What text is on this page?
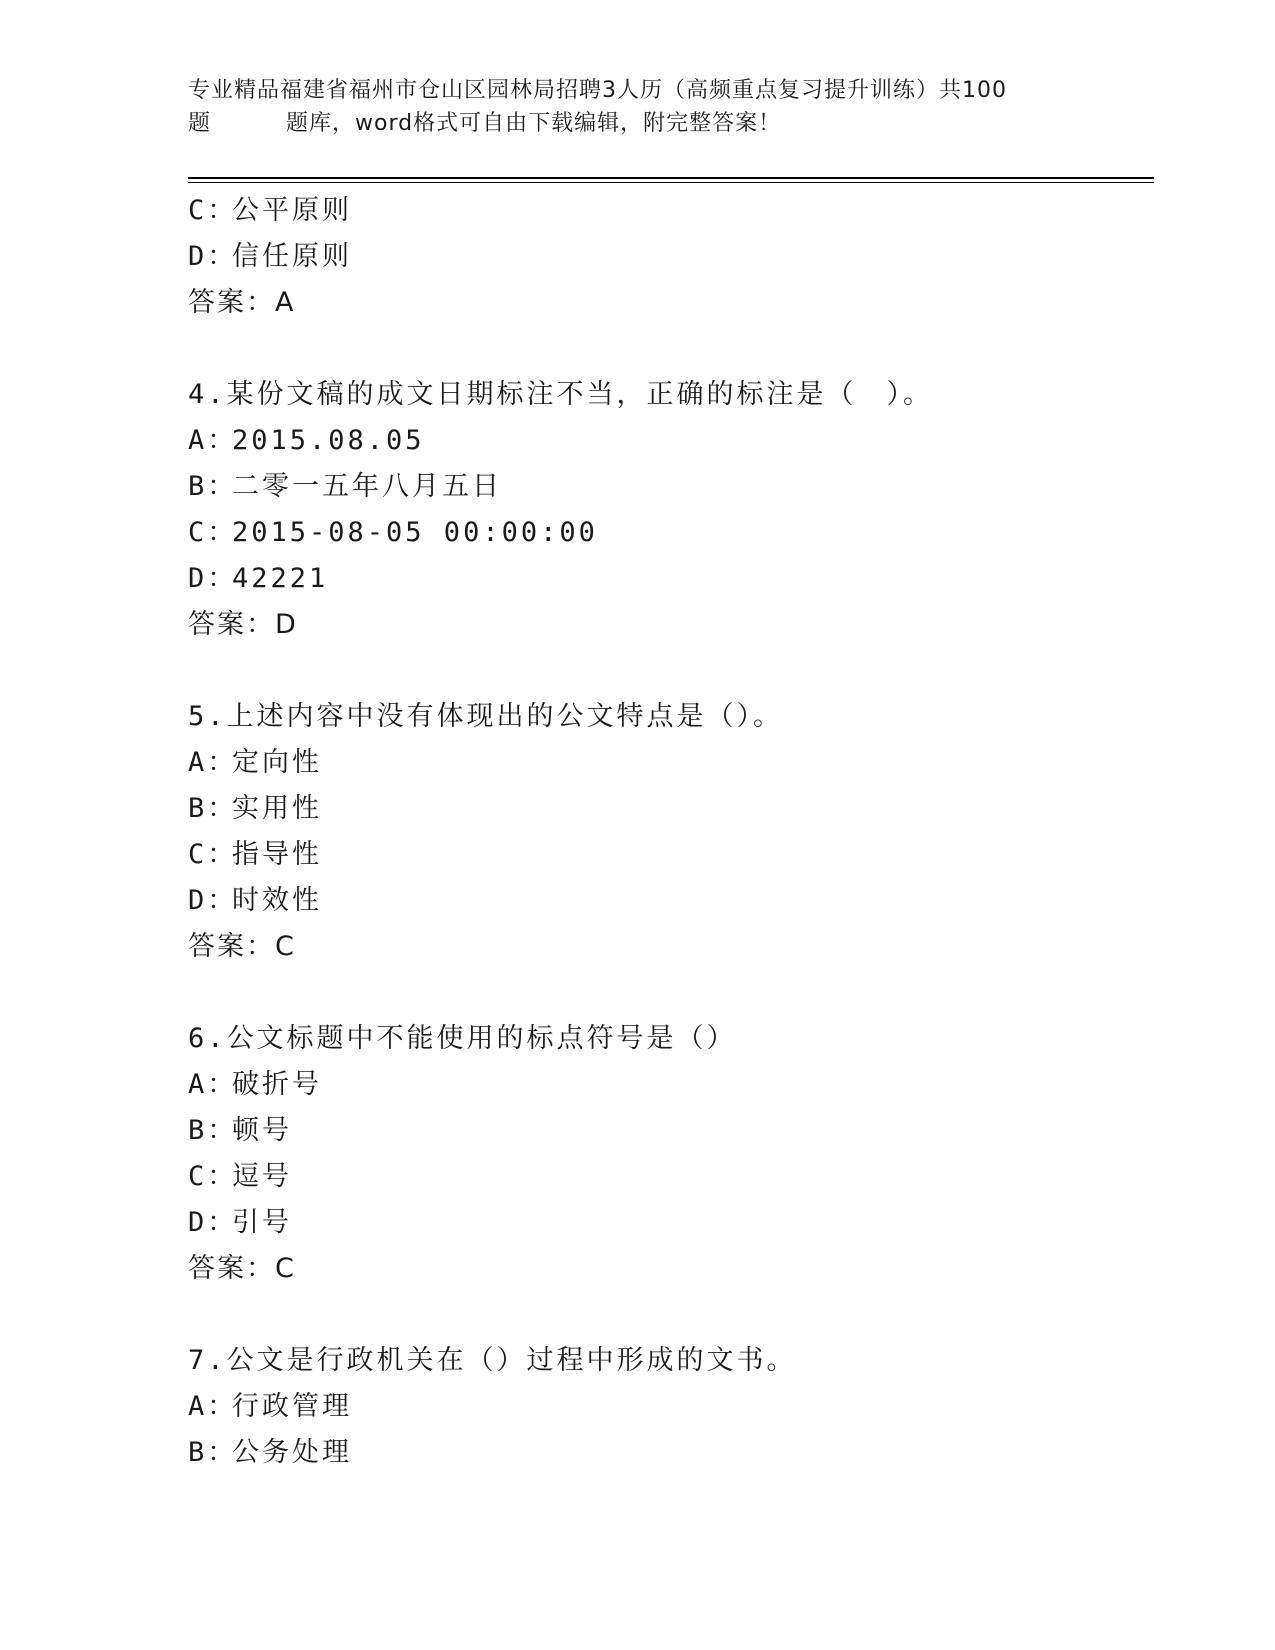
专业精品福建省福州市仓山区园林局招聘3人历（高频重点复习提升训练）共100
题	题库，word格式可自由下载编辑，附完整答案！
C：公平原则
D：信任原则
答案：A
4.某份文稿的成文日期标注不当，正确的标注是（　）。
A：2015.08.05
B：二零一五年八月五日
C：2015-08-05 00:00:00
D：42221
答案：D
5.上述内容中没有体现出的公文特点是（）。
A：定向性
B：实用性
C：指导性
D：时效性
答案：C
6.公文标题中不能使用的标点符号是（）
A：破折号
B：顿号
C：逗号
D：引号
答案：C
7.公文是行政机关在（）过程中形成的文书。
A：行政管理
B：公务处理
